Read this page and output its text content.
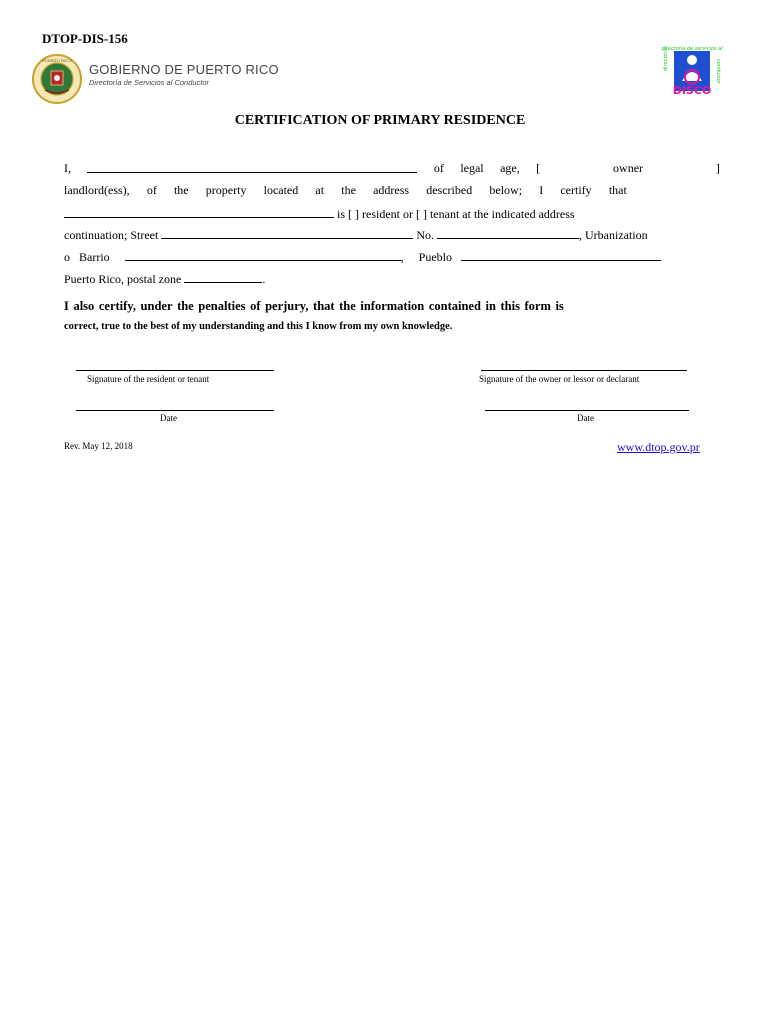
DTOP-DIS-156
PUERTO RICO
GOBIERNO DE PUERTO RICO
Directoría de Servicios al Conductor
directoría de servicios al
directoría	conductor
DISCO
CERTIFICATION OF PRIMARY RESIDENCE
I,	of legal age, [	owner	]
landlord(ess), of the property located at the address described below; I certify that
is [ ] resident or [ ] tenant at the indicated address
continuation; Street	No.	, Urbanization
o Barrio	, Pueblo
Puerto Rico, postal zone	.
I also certify, under the penalties of perjury, that the information contained in this form is
correct, true to the best of my understanding and this I know from my own knowledge.
Signature of the resident or tenant	Signature of the owner or lessor or declarant
Date	Date
Rev. May 12, 2018	www.dtop.gov.pr
